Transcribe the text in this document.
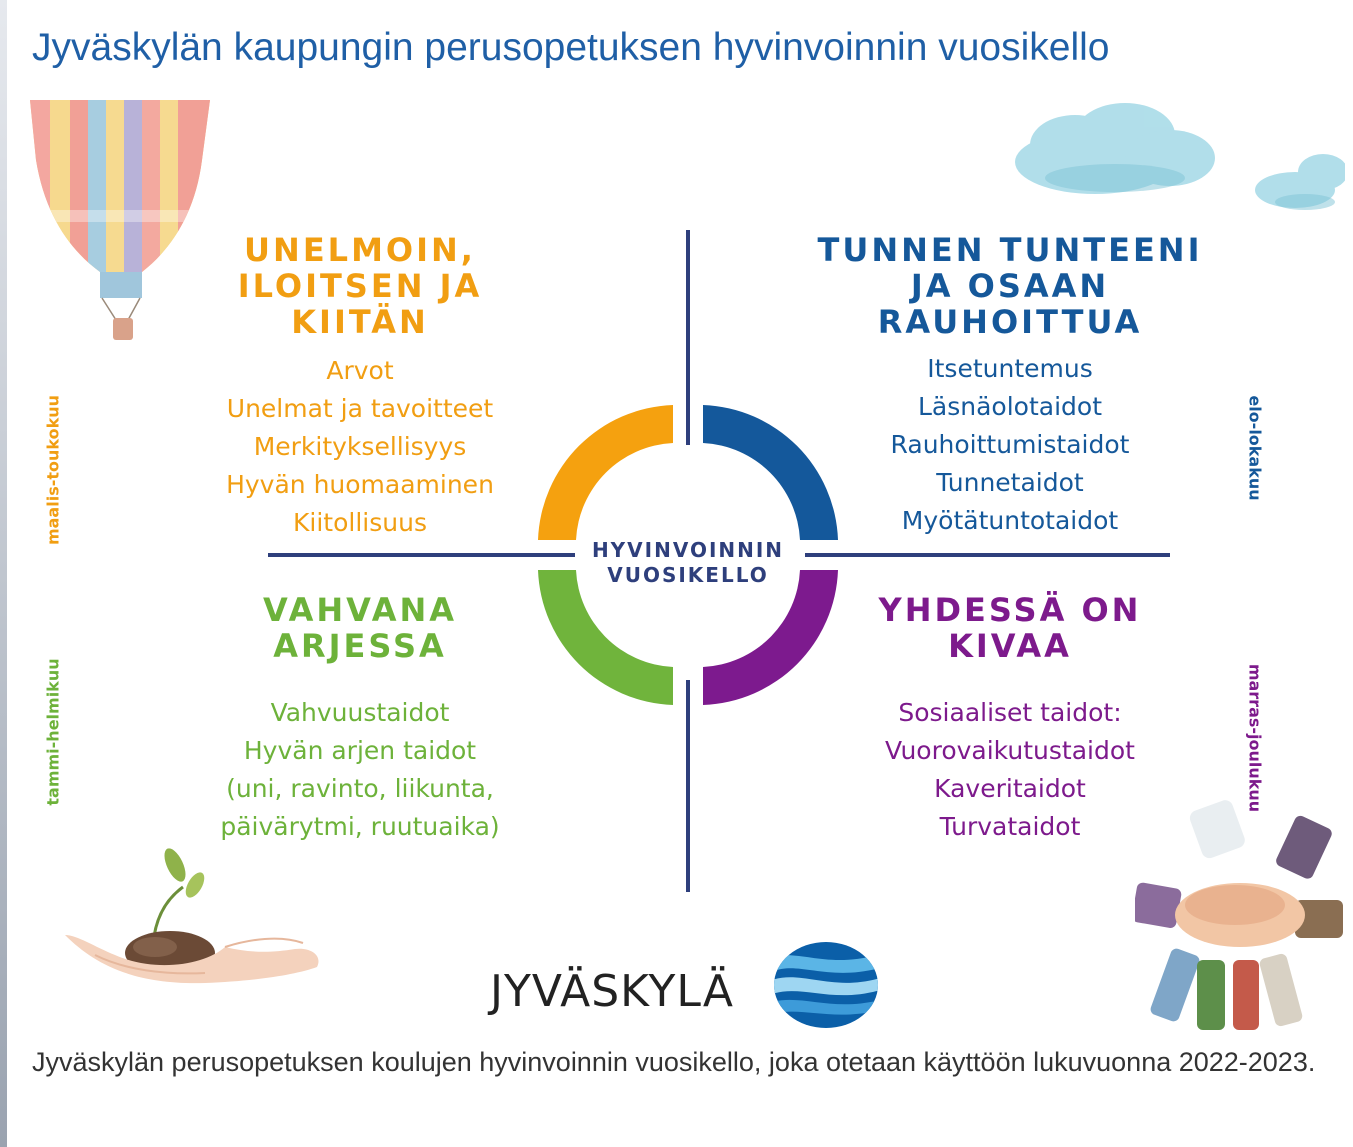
Jyväskylän kaupungin perusopetuksen hyvinvoinnin vuosikello
HYVINVOINNIN
VUOSIKELLO
UNELMOIN,
ILOITSEN JA
KIITÄN
Arvot
Unelmat ja tavoitteet
Merkityksellisyys
Hyvän huomaaminen
Kiitollisuus
TUNNEN TUNTEENI
JA OSAAN
RAUHOITTUA
Itsetuntemus
Läsnäolotaidot
Rauhoittumistaidot
Tunnetaidot
Myötätuntotaidot
VAHVANA
ARJESSA
Vahvuustaidot
Hyvän arjen taidot
(uni, ravinto, liikunta,
päivärytmi, ruutuaika)
YHDESSÄ ON
KIVAA
Sosiaaliset taidot:
Vuorovaikutustaidot
Kaveritaidot
Turvataidot
maalis-toukokuu
tammi-helmikuu
elo-lokakuu
marras-joulukuu
JYVÄSKYLÄ

Jyväskylän perusopetuksen koulujen hyvinvoinnin vuosikello, joka otetaan käyttöön lukuvuonna 2022-2023.
